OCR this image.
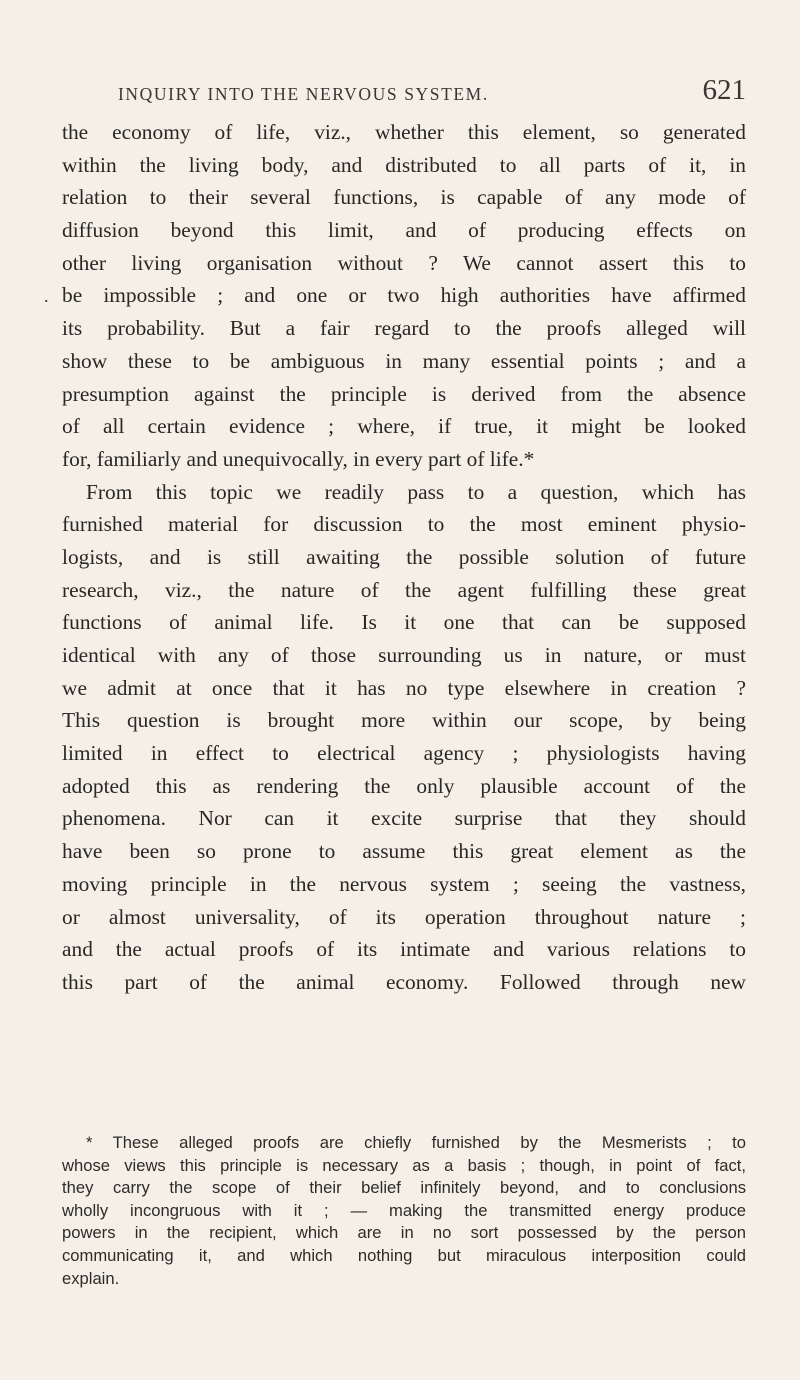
INQUIRY INTO THE NERVOUS SYSTEM.	621
.
the economy of life, viz., whether this element, so generated
within the living body, and distributed to all parts of it, in
relation to their several functions, is capable of any mode of
diffusion beyond this limit, and of producing effects on
other living organisation without ? We cannot assert this to
be impossible ; and one or two high authorities have affirmed
its probability. But a fair regard to the proofs alleged will
show these to be ambiguous in many essential points ; and a
presumption against the principle is derived from the absence
of all certain evidence ; where, if true, it might be looked
for, familiarly and unequivocally, in every part of life.*
From this topic we readily pass to a question, which has
furnished material for discussion to the most eminent physio-
logists, and is still awaiting the possible solution of future
research, viz., the nature of the agent fulfilling these great
functions of animal life. Is it one that can be supposed
identical with any of those surrounding us in nature, or must
we admit at once that it has no type elsewhere in creation ?
This question is brought more within our scope, by being
limited in effect to electrical agency ; physiologists having
adopted this as rendering the only plausible account of the
phenomena. Nor can it excite surprise that they should
have been so prone to assume this great element as the
moving principle in the nervous system ; seeing the vastness,
or almost universality, of its operation throughout nature ;
and the actual proofs of its intimate and various relations to
this part of the animal economy. Followed through new
* These alleged proofs are chiefly furnished by the Mesmerists ; to
whose views this principle is necessary as a basis ; though, in point of fact,
they carry the scope of their belief infinitely beyond, and to conclusions
wholly incongruous with it ; — making the transmitted energy produce
powers in the recipient, which are in no sort possessed by the person
communicating it, and which nothing but miraculous interposition could
explain.
